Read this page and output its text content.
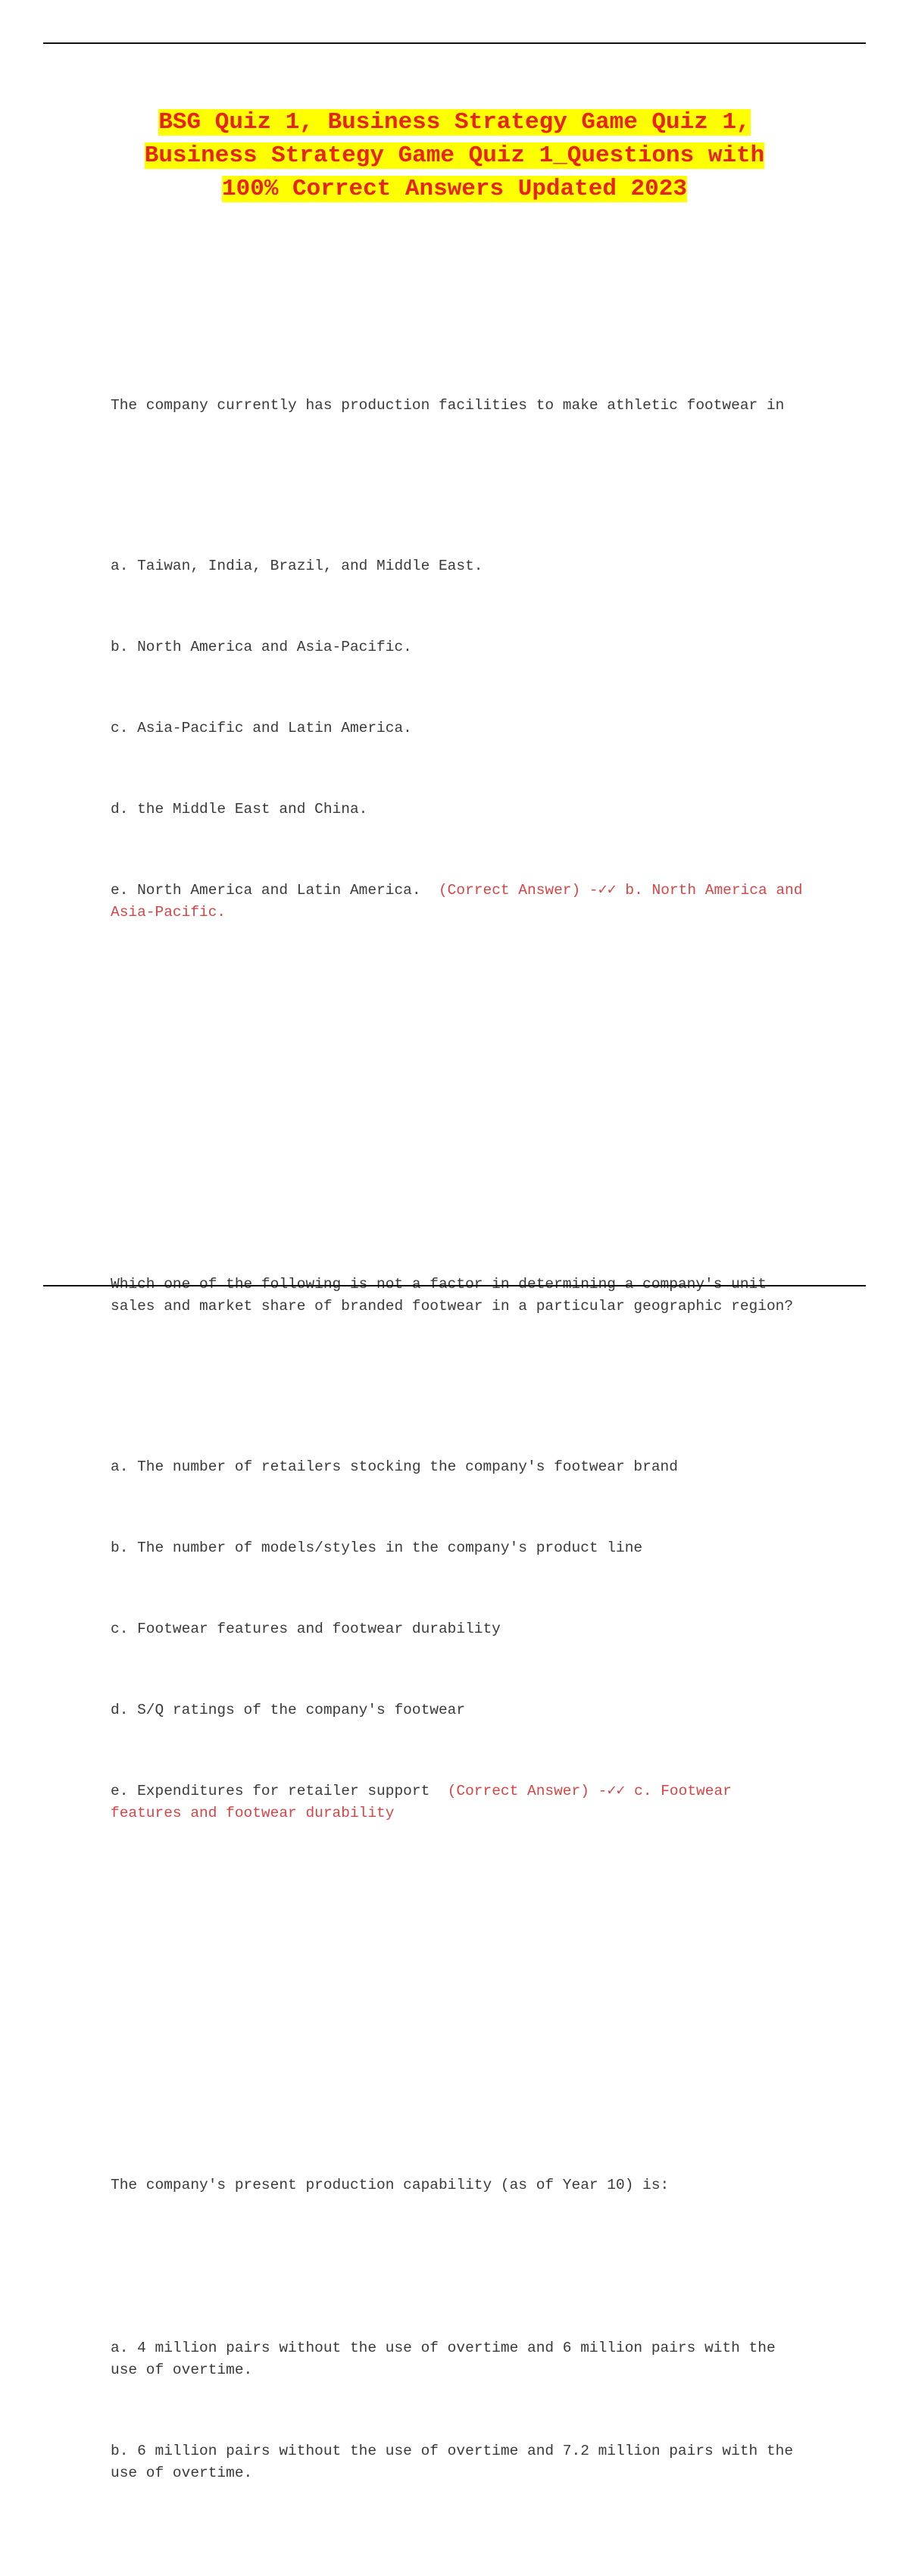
BSG Quiz 1, Business Strategy Game Quiz 1,
Business Strategy Game Quiz 1_Questions with
100% Correct Answers Updated 2023

The company currently has production facilities to make athletic footwear in

a. Taiwan, India, Brazil, and Middle East.

b. North America and Asia-Pacific.

c. Asia-Pacific and Latin America.

d. the Middle East and China.

e. North America and Latin America. (Correct Answer) -✓✓ b. North America and Asia-Pacific.

Which one of the following is not a factor in determining a company's unit sales and market share of branded footwear in a particular geographic region?

a. The number of retailers stocking the company's footwear brand

b. The number of models/styles in the company's product line

c. Footwear features and footwear durability

d. S/Q ratings of the company's footwear

e. Expenditures for retailer support (Correct Answer) -✓✓ c. Footwear features and footwear durability

The company's present production capability (as of Year 10) is:

a. 4 million pairs without the use of overtime and 6 million pairs with the use of overtime.

b. 6 million pairs without the use of overtime and 7.2 million pairs with the use of overtime.
